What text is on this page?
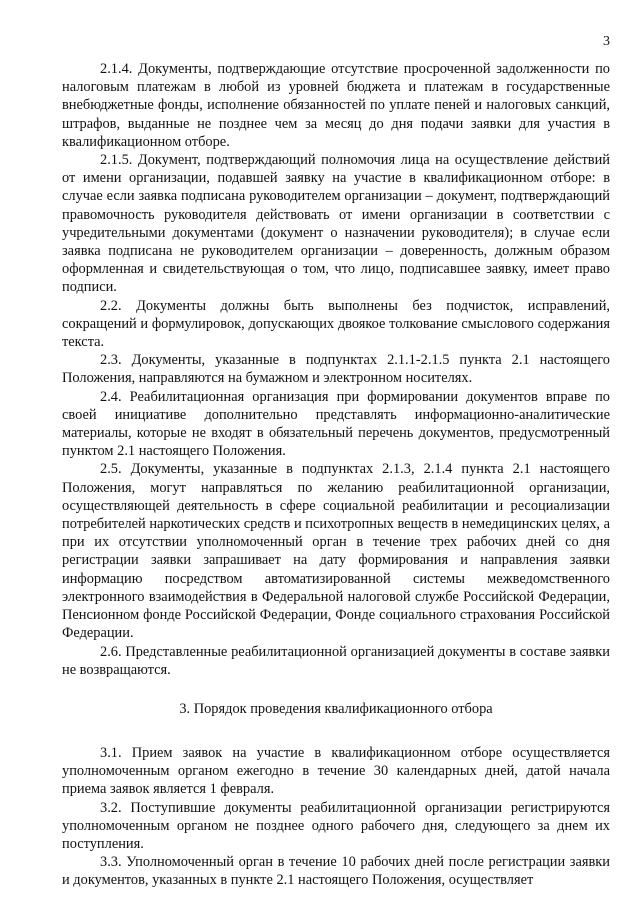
3

2.1.4. Документы, подтверждающие отсутствие просроченной задолженности по налоговым платежам в любой из уровней бюджета и платежам в государственные внебюджетные фонды, исполнение обязанностей по уплате пеней и налоговых санкций, штрафов, выданные не позднее чем за месяц до дня подачи заявки для участия в квалификационном отборе.

2.1.5. Документ, подтверждающий полномочия лица на осуществление действий от имени организации, подавшей заявку на участие в квалификационном отборе: в случае если заявка подписана руководителем организации – документ, подтверждающий правомочность руководителя действовать от имени организации в соответствии с учредительными документами (документ о назначении руководителя); в случае если заявка подписана не руководителем организации – доверенность, должным образом оформленная и свидетельствующая о том, что лицо, подписавшее заявку, имеет право подписи.

2.2. Документы должны быть выполнены без подчисток, исправлений, сокращений и формулировок, допускающих двоякое толкование смыслового содержания текста.

2.3. Документы, указанные в подпунктах 2.1.1-2.1.5 пункта 2.1 настоящего Положения, направляются на бумажном и электронном носителях.

2.4. Реабилитационная организация при формировании документов вправе по своей инициативе дополнительно представлять информационно-аналитические материалы, которые не входят в обязательный перечень документов, предусмотренный пунктом 2.1 настоящего Положения.

2.5. Документы, указанные в подпунктах 2.1.3, 2.1.4 пункта 2.1 настоящего Положения, могут направляться по желанию реабилитационной организации, осуществляющей деятельность в сфере социальной реабилитации и ресоциализации потребителей наркотических средств и психотропных веществ в немедицинских целях, а при их отсутствии уполномоченный орган в течение трех рабочих дней со дня регистрации заявки запрашивает на дату формирования и направления заявки информацию посредством автоматизированной системы межведомственного электронного взаимодействия в Федеральной налоговой службе Российской Федерации, Пенсионном фонде Российской Федерации, Фонде социального страхования Российской Федерации.

2.6. Представленные реабилитационной организацией документы в составе заявки не возвращаются.

3. Порядок проведения квалификационного отбора

3.1. Прием заявок на участие в квалификационном отборе осуществляется уполномоченным органом ежегодно в течение 30 календарных дней, датой начала приема заявок является 1 февраля.

3.2. Поступившие документы реабилитационной организации регистрируются уполномоченным органом не позднее одного рабочего дня, следующего за днем их поступления.

3.3. Уполномоченный орган в течение 10 рабочих дней после регистрации заявки и документов, указанных в пункте 2.1 настоящего Положения, осуществляет
